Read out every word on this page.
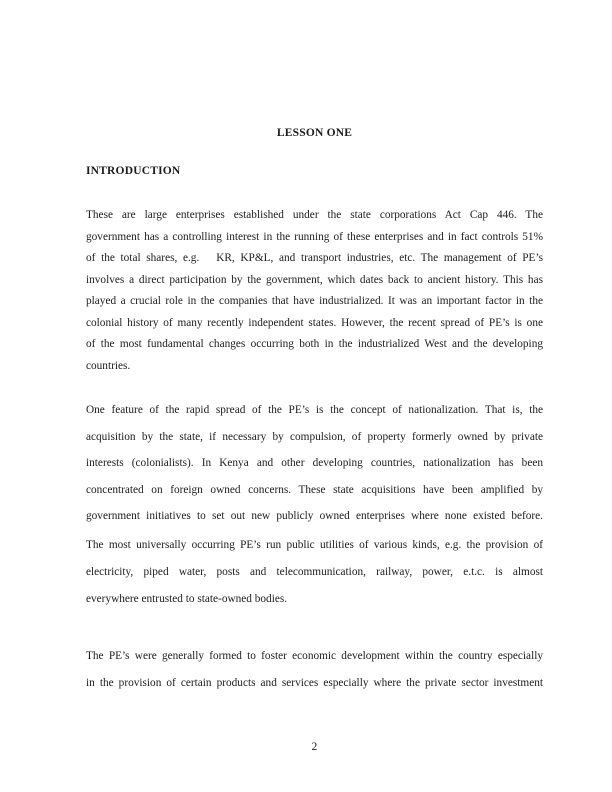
LESSON ONE
INTRODUCTION
These are large enterprises established under the state corporations Act Cap 446. The
government has a controlling interest in the running of these enterprises and in fact controls 51%
of the total shares, e.g.   KR, KP&L, and transport industries, etc. The management of PE’s
involves a direct participation by the government, which dates back to ancient history. This has
played a crucial role in the companies that have industrialized. It was an important factor in the
colonial history of many recently independent states. However, the recent spread of PE’s is one
of the most fundamental changes occurring both in the industrialized West and the developing
countries.
One feature of the rapid spread of the PE’s is the concept of nationalization. That is, the
acquisition by the state, if necessary by compulsion, of property formerly owned by private
interests (colonialists). In Kenya and other developing countries, nationalization has been
concentrated on foreign owned concerns. These state acquisitions have been amplified by
government initiatives to set out new publicly owned enterprises where none existed before.
The most universally occurring PE’s run public utilities of various kinds, e.g. the provision of
electricity, piped water, posts and telecommunication, railway, power, e.t.c. is almost
everywhere entrusted to state-owned bodies.
The PE’s were generally formed to foster economic development within the country especially
in the provision of certain products and services especially where the private sector investment
2
